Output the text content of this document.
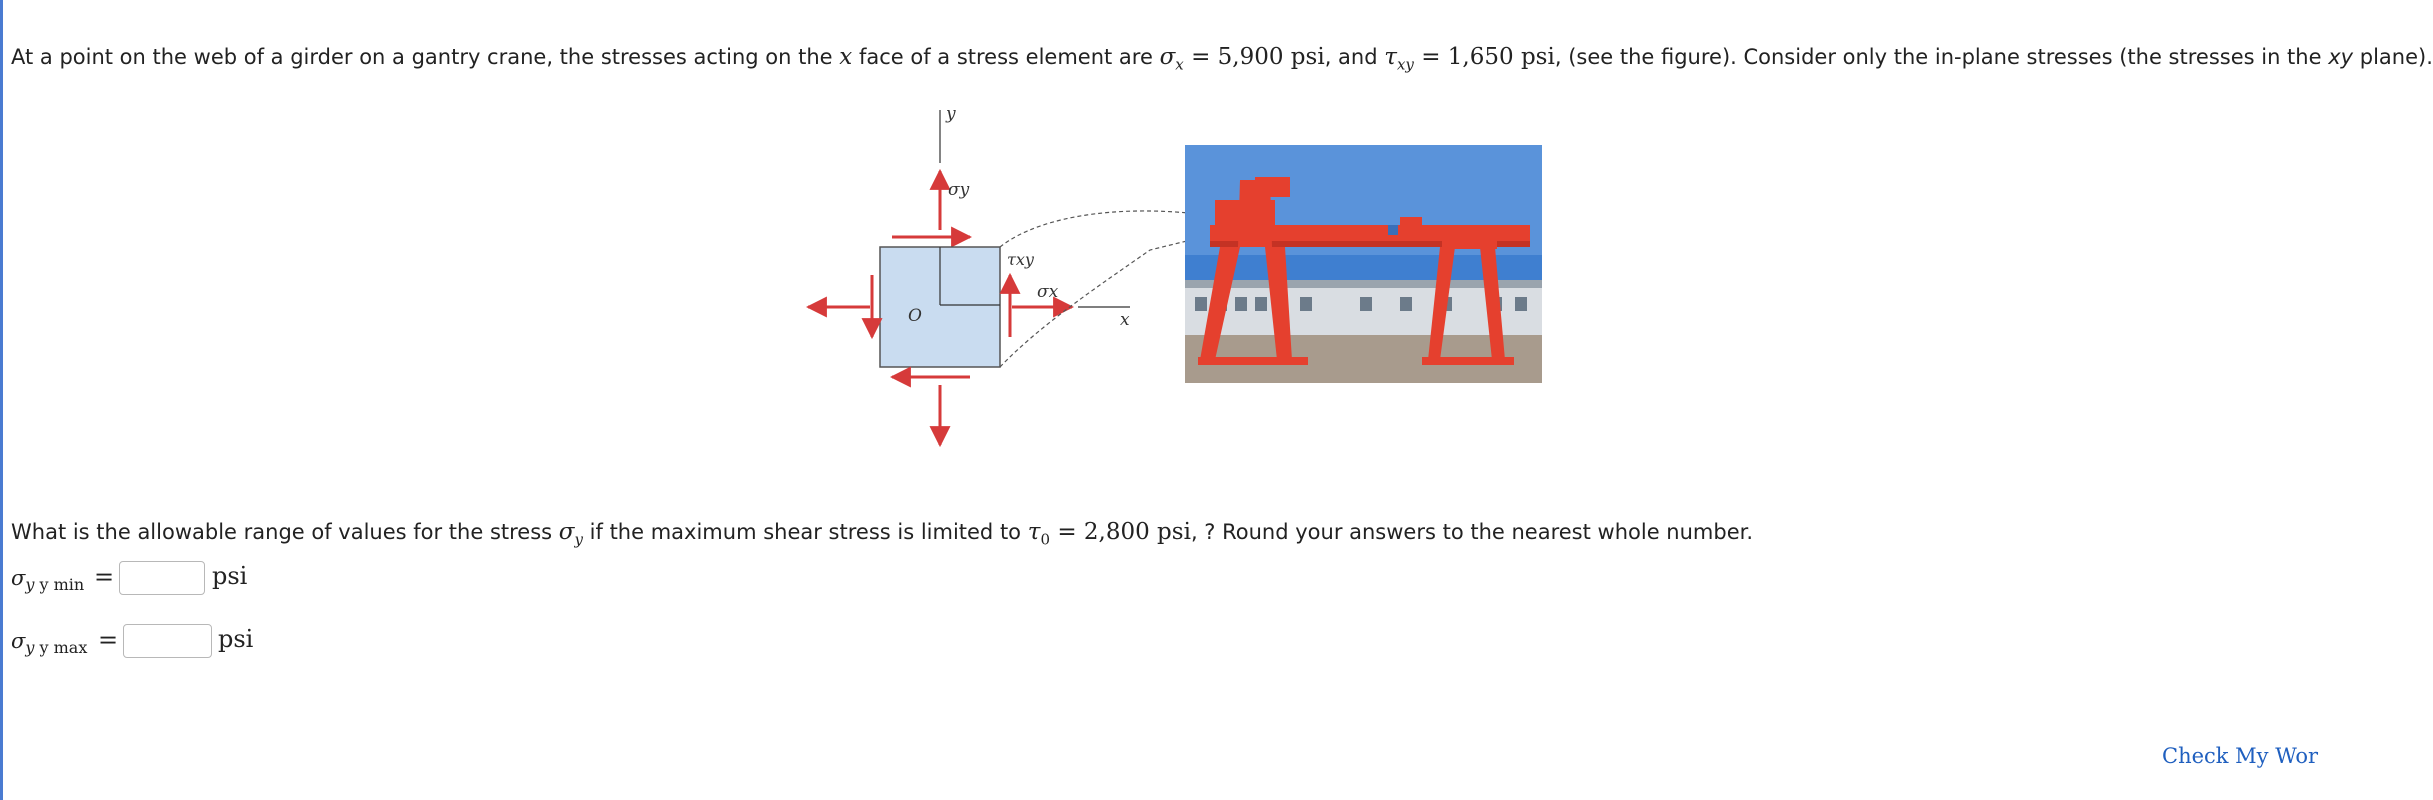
At a point on the web of a girder on a gantry crane, the stresses acting on the x face of a stress element are $\sigma_x = 5,900$ psi, and $\tau_{xy} = 1,650$ psi, (see the figure). Consider only the in-plane stresses (the stresses in the xy plane).
y
σy
O
τxy
σx
x
What is the allowable range of values for the stress $\sigma_y$ if the maximum shear stress is limited to $\tau_0 = 2,800$ psi, ? Round your answers to the nearest whole number.
$\sigma_{y y min}$ =	psi
$\sigma_{y y max}$ =	psi
Check My Wor
